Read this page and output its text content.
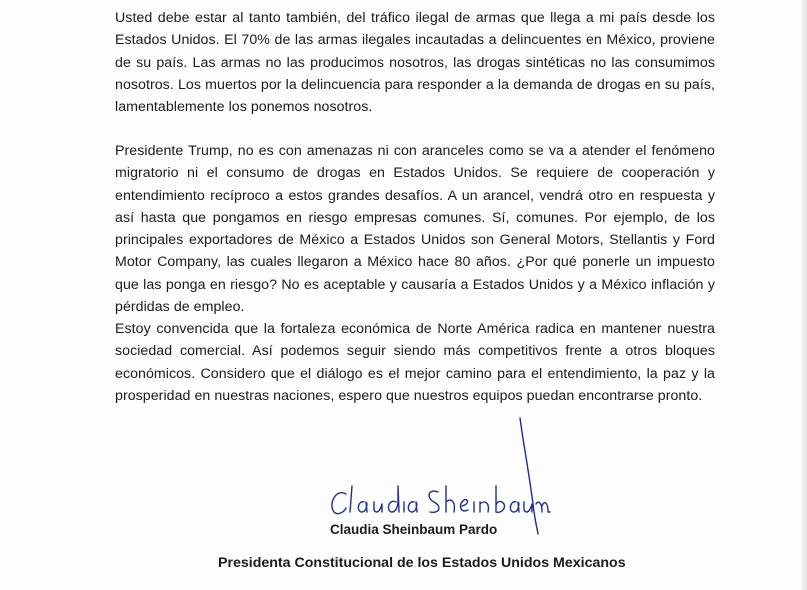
Usted debe estar al tanto también, del tráfico ilegal de armas que llega a mi país desde los Estados Unidos. El 70% de las armas ilegales incautadas a delincuentes en México, proviene de su país. Las armas no las producimos nosotros, las drogas sintéticas no las consumimos nosotros. Los muertos por la delincuencia para responder a la demanda de drogas en su país, lamentablemente los ponemos nosotros.

Presidente Trump, no es con amenazas ni con aranceles como se va a atender el fenómeno migratorio ni el consumo de drogas en Estados Unidos. Se requiere de cooperación y entendimiento recíproco a estos grandes desafíos. A un arancel, vendrá otro en respuesta y así hasta que pongamos en riesgo empresas comunes. Sí, comunes. Por ejemplo, de los principales exportadores de México a Estados Unidos son General Motors, Stellantis y Ford Motor Company, las cuales llegaron a México hace 80 años. ¿Por qué ponerle un impuesto que las ponga en riesgo? No es aceptable y causaría a Estados Unidos y a México inflación y pérdidas de empleo.

Estoy convencida que la fortaleza económica de Norte América radica en mantener nuestra sociedad comercial. Así podemos seguir siendo más competitivos frente a otros bloques económicos. Considero que el diálogo es el mejor camino para el entendimiento, la paz y la prosperidad en nuestras naciones, espero que nuestros equipos puedan encontrarse pronto.

Claudia Sheinbaum Pardo

Presidenta Constitucional de los Estados Unidos Mexicanos
